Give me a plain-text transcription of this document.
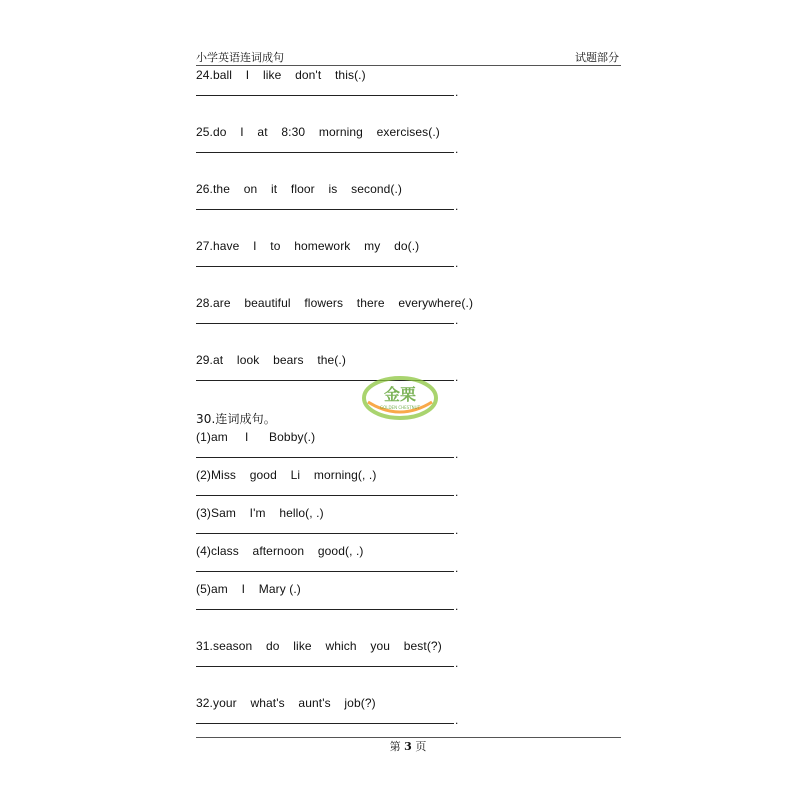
小学英语连词成句	试题部分
24.ball    I    like    don't    this(.)
.
25.do    I    at    8:30    morning    exercises(.)
.
26.the    on    it    floor    is    second(.)
.
27.have    I    to    homework    my    do(.)
.
28.are    beautiful    flowers    there    everywhere(.)
.
29.at    look    bears    the(.)
.
30.连词成句。
(1)am     I      Bobby(.)
.
(2)Miss    good    Li    morning(, .)
.
(3)Sam    I'm    hello(, .)
.
(4)class    afternoon    good(, .)
.
(5)am    I    Mary (.)
.
31.season    do    like    which    you    best(?)
.
32.your    what's    aunt's    job(?)
.
金栗
GOLDEN CHESTNUT
第 3 页
